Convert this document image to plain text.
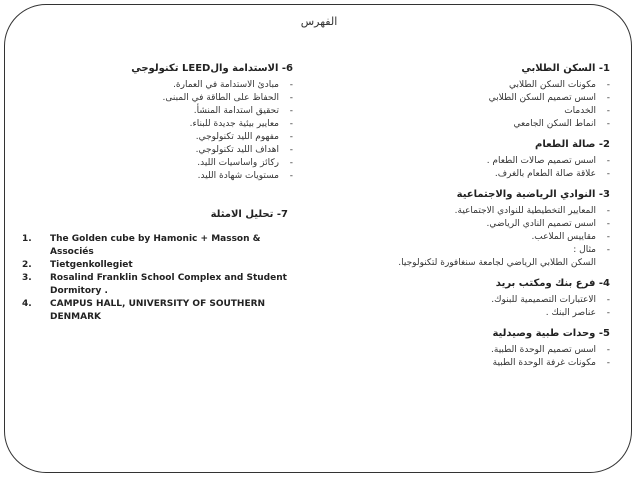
الفهرس

1- السكن الطلابي

-
مكونات السكن الطلابي

-
اسس تصميم السكن الطلابي

-
الخدمات

-
انماط السكن الجامعي

2- صالة الطعام

-
اسس تصميم صالات الطعام .

-
علاقة صالة الطعام بالغرف.

3- النوادي الرياضية والاجتماعية

-
المعايير التخطيطية للنوادي الاجتماعية.

-
اسس تصميم النادي الرياضي.

-
مقاييس الملاعب.

-
مثال :

السكن الطلابي الرياضي لجامعة سنغافورة لتكنولوجيا.

4- فرع بنك ومكتب بريد

-
الاعتبارات التصميمية للبنوك.

-
عناصر البنك .

5- وحدات طبية وصيدلية

-
اسس تصميم الوحدة الطبية.

-
مكونات غرفة الوحدة الطبية

6- الاستدامة والLEED تكنولوجي

-
مبادئ الاستدامة في العمارة.

-
الحفاظ على الطاقة في المبنى.

-
تحقيق استدامة المنشأ.

-
معايير بيئية جديدة للبناء.

-
مفهوم الليد تكنولوجي.

-
اهداف الليد تكنولوجي.

-
ركائز واساسيات الليد.

-
مستويات شهادة الليد.

7- تحليل الامثلة

1. The Golden cube by Hamonic + Masson & Associés
2. Tietgenkollegiet
3. Rosalind Franklin School Complex and Student Dormitory .
4. CAMPUS HALL, UNIVERSITY OF SOUTHERN DENMARK
